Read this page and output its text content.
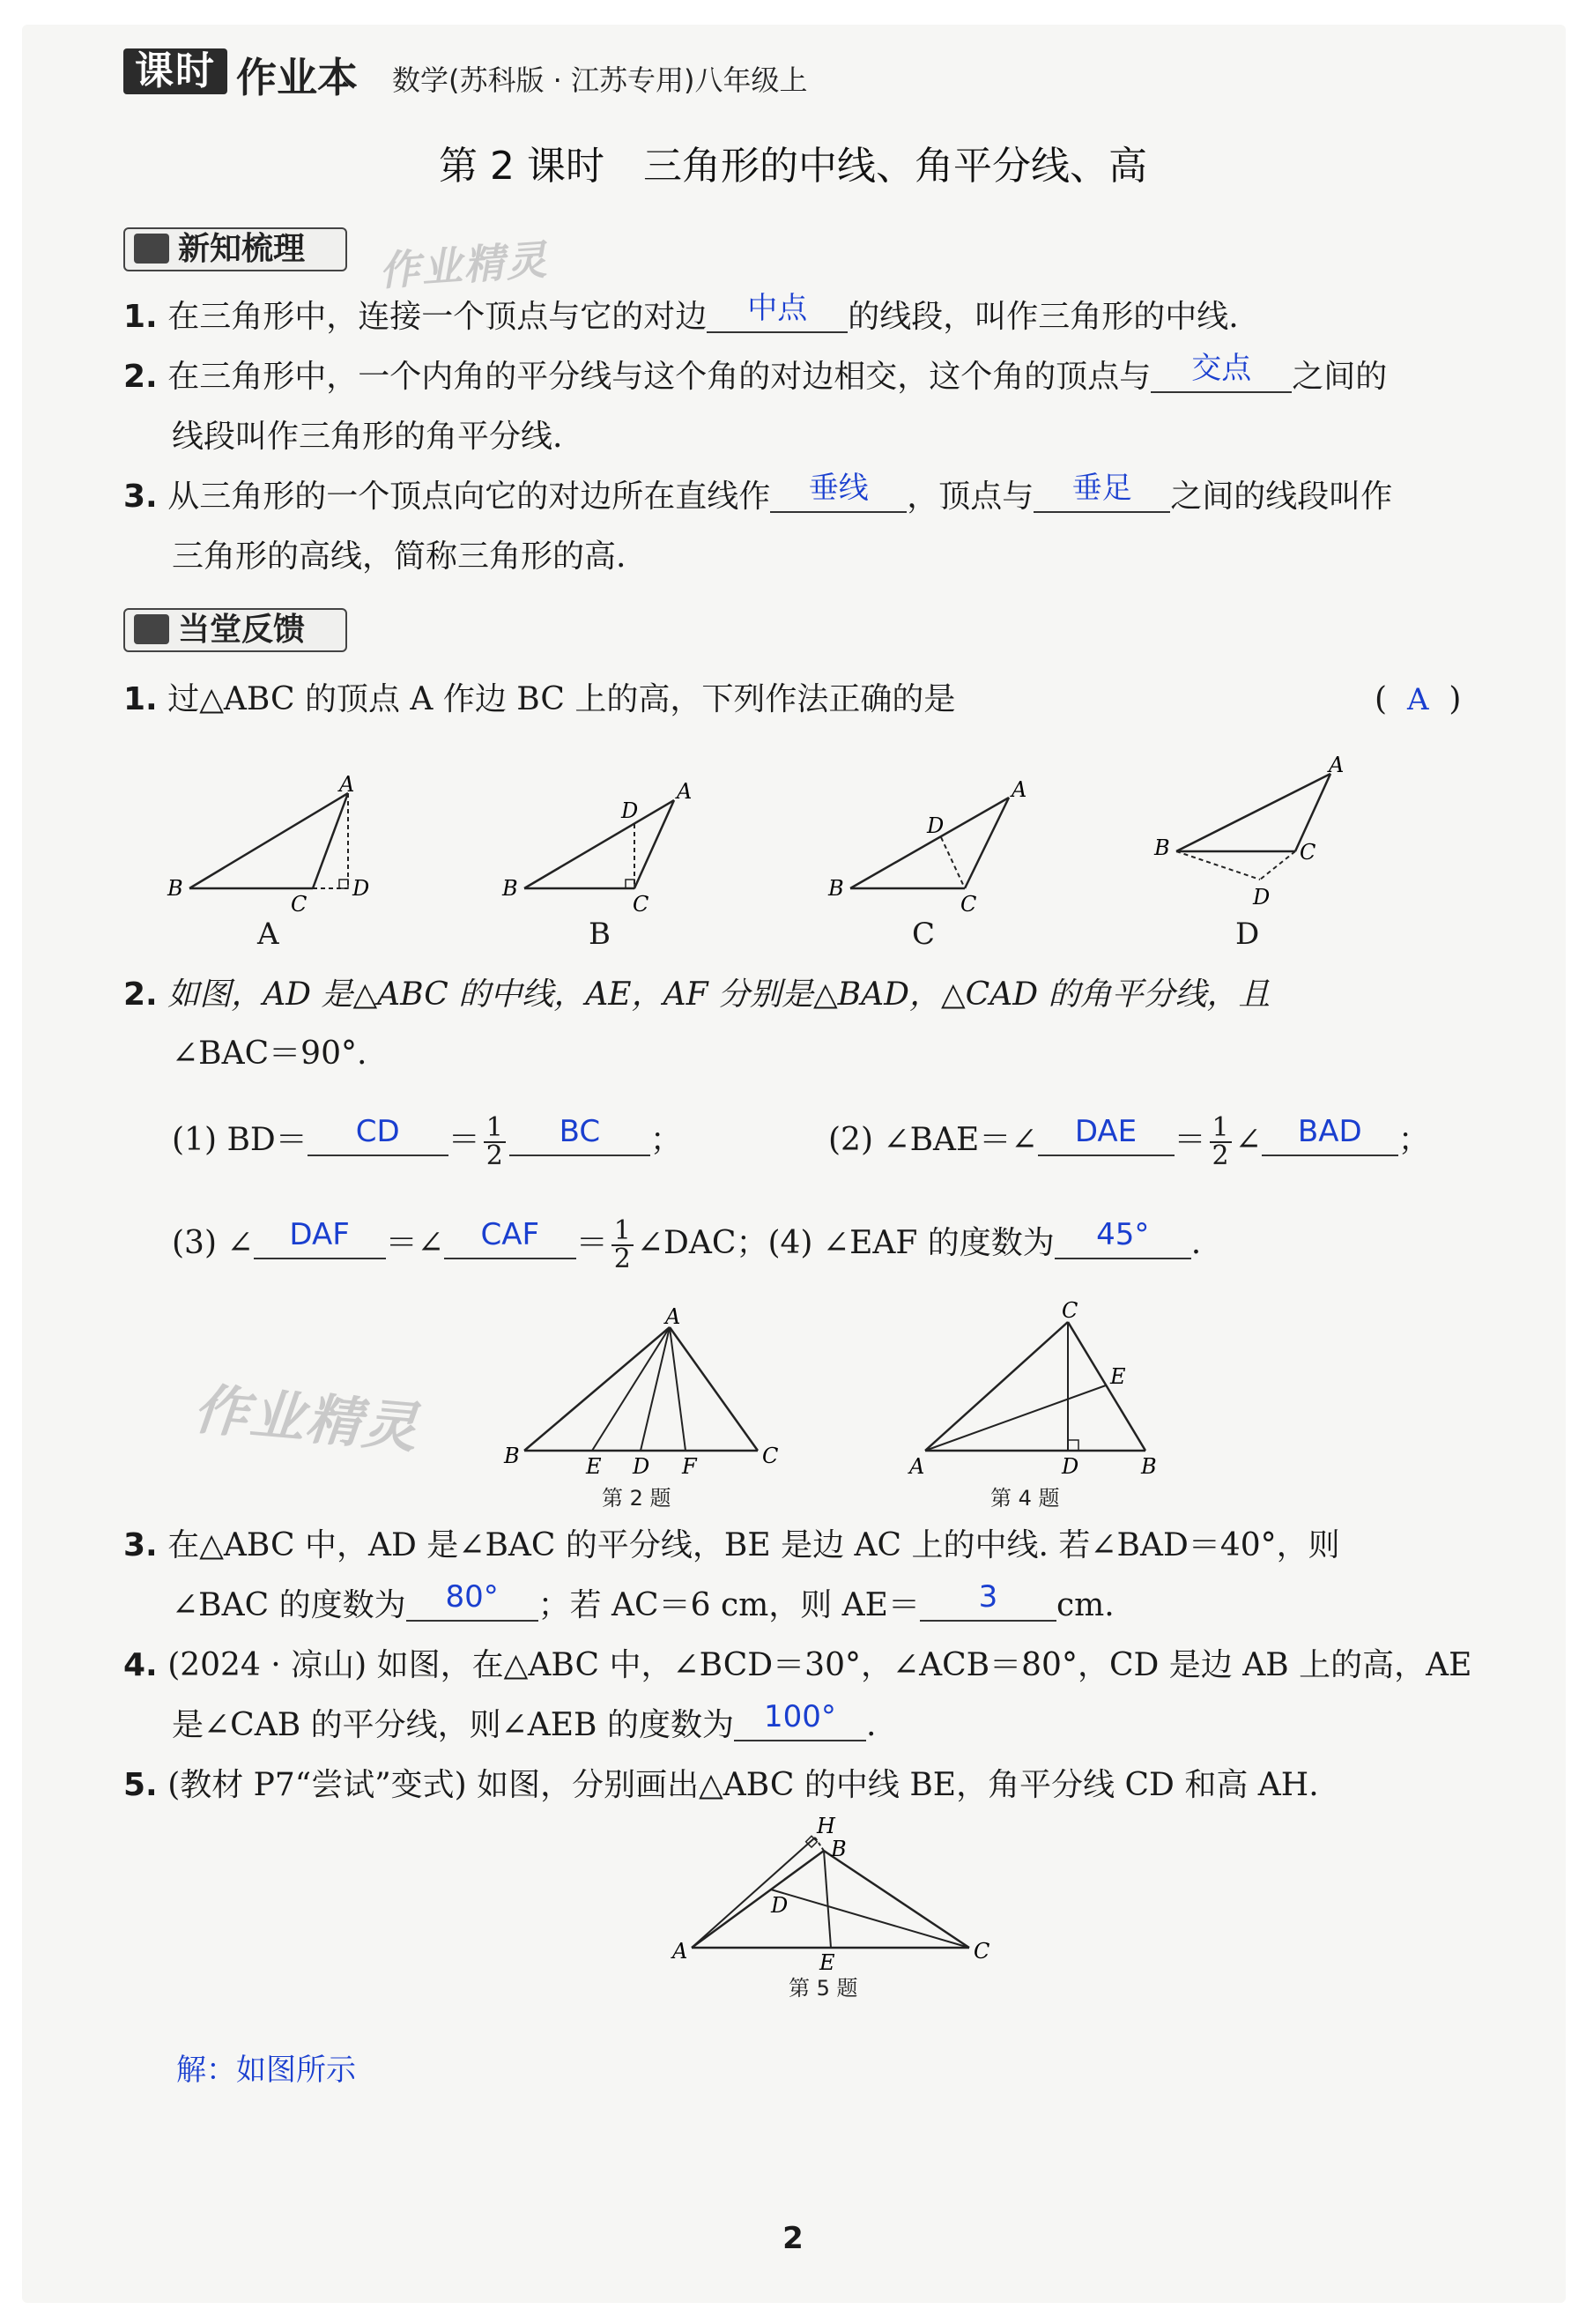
课时 作业本 数学(苏科版 · 江苏专用)八年级上
第 2 课时　三角形的中线、角平分线、高
新知梳理	作业精灵
1. 在三角形中，连接一个顶点与它的对边 中点 的线段，叫作三角形的中线.
2. 在三角形中，一个内角的平分线与这个角的对边相交，这个角的顶点与 交点 之间的
线段叫作三角形的角平分线.
3. 从三角形的一个顶点向它的对边所在直线作 垂线 ，顶点与 垂足 之间的线段叫作
三角形的高线，简称三角形的高.
当堂反馈
1. 过△ABC 的顶点 A 作边 BC 上的高，下列作法正确的是	( A )
B
A
C
D	B
A
D
C
B
A
D
C
B
A
C
D
A	B	C	D
2. 如图，AD 是△ABC 的中线，AE，AF 分别是△BAD，△CAD 的角平分线，且
∠BAC＝90°.
(1) BD＝ CD ＝ $\frac{1}{2}$ BC ；	(2) ∠BAE＝∠ DAE ＝ $\frac{1}{2}$ ∠ BAD ；
(3) ∠ DAF ＝∠ CAF ＝ $\frac{1}{2}$ ∠DAC；(4) ∠EAF 的度数为 45° .
作业精灵
A
B	E D F	C
C
E
A	D	B
第 2 题	第 4 题
3. 在△ABC 中，AD 是∠BAC 的平分线，BE 是边 AC 上的中线. 若∠BAD＝40°，则
∠BAC 的度数为 80° ；若 AC＝6 cm，则 AE＝ 3 cm.
4. (2024 · 凉山) 如图，在△ABC 中，∠BCD＝30°，∠ACB＝80°，CD 是边 AB 上的高，AE
是∠CAB 的平分线，则∠AEB 的度数为 100° .
5. (教材 P7“尝试”变式) 如图，分别画出△ABC 的中线 BE，角平分线 CD 和高 AH.
H
B
A
D
E	C
第 5 题
解：如图所示
2
